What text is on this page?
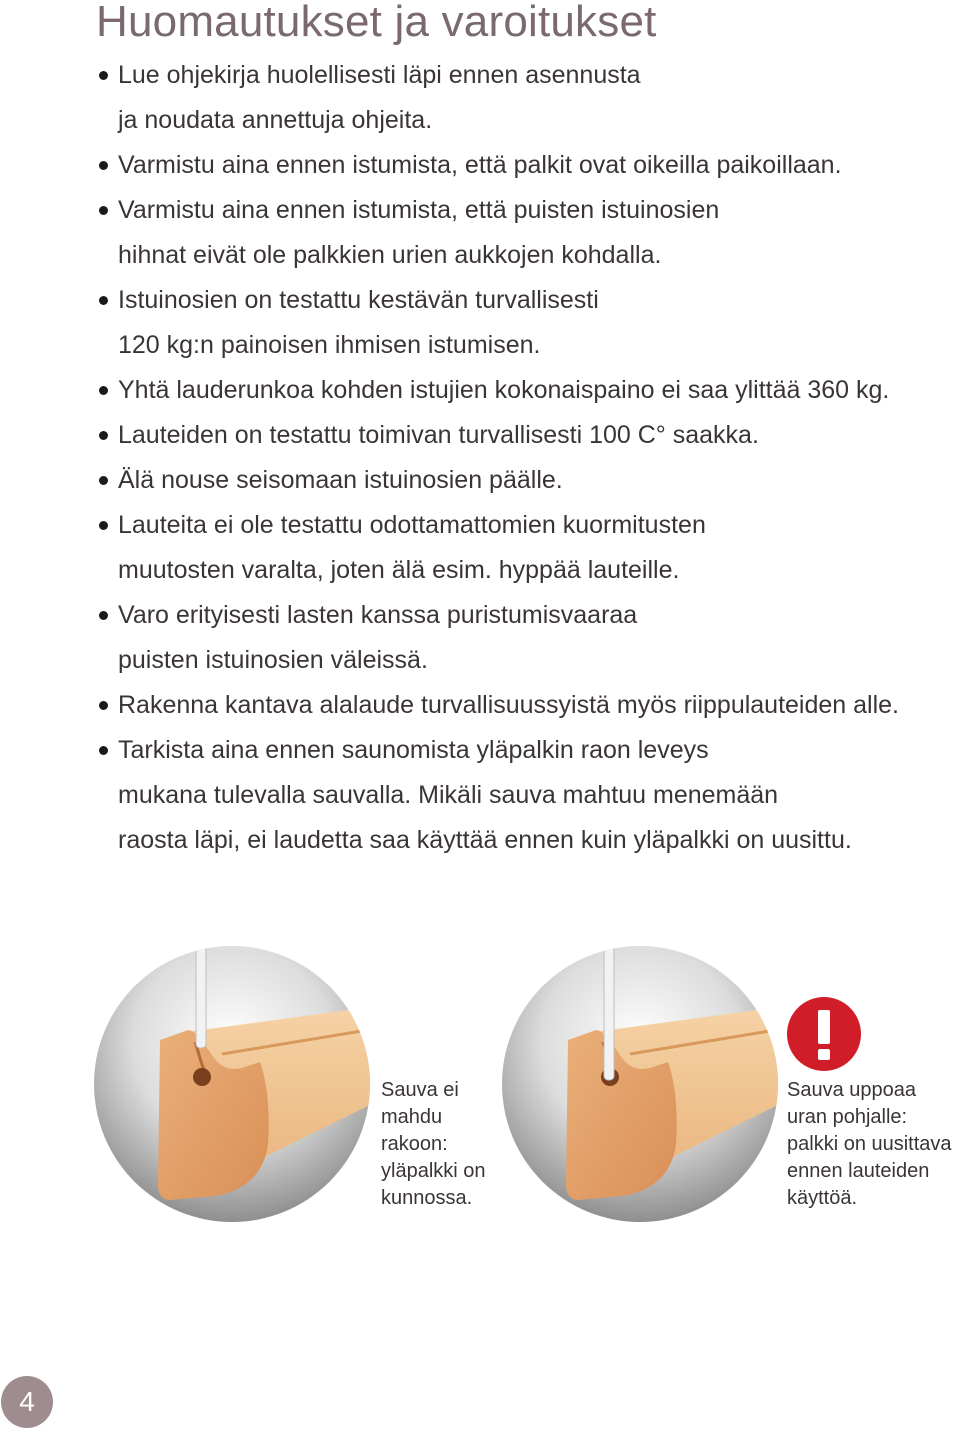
Huomautukset ja varoitukset
Lue ohjekirja huolellisesti läpi ennen asennusta
ja noudata annettuja ohjeita.
Varmistu aina ennen istumista, että palkit ovat oikeilla paikoillaan.
Varmistu aina ennen istumista, että puisten istuinosien
hihnat eivät ole palkkien urien aukkojen kohdalla.
Istuinosien on testattu kestävän turvallisesti
120 kg:n painoisen ihmisen istumisen.
Yhtä lauderunkoa kohden istujien kokonaispaino ei saa ylittää 360 kg.
Lauteiden on testattu toimivan turvallisesti 100 C° saakka.
Älä nouse seisomaan istuinosien päälle.
Lauteita ei ole testattu odottamattomien kuormitusten
muutosten varalta, joten älä esim. hyppää lauteille.
Varo erityisesti lasten kanssa puristumisvaaraa
puisten istuinosien väleissä.
Rakenna kantava alalaude turvallisuussyistä myös riippulauteiden alle.
Tarkista aina ennen saunomista yläpalkin raon leveys
mukana tulevalla sauvalla. Mikäli sauva mahtuu menemään
raosta läpi, ei laudetta saa käyttää ennen kuin yläpalkki on uusittu.
Sauva ei
mahdu
rakoon:
yläpalkki on
kunnossa.
Sauva uppoaa
uran pohjalle:
palkki on uusittava
ennen lauteiden
käyttöä.
4
